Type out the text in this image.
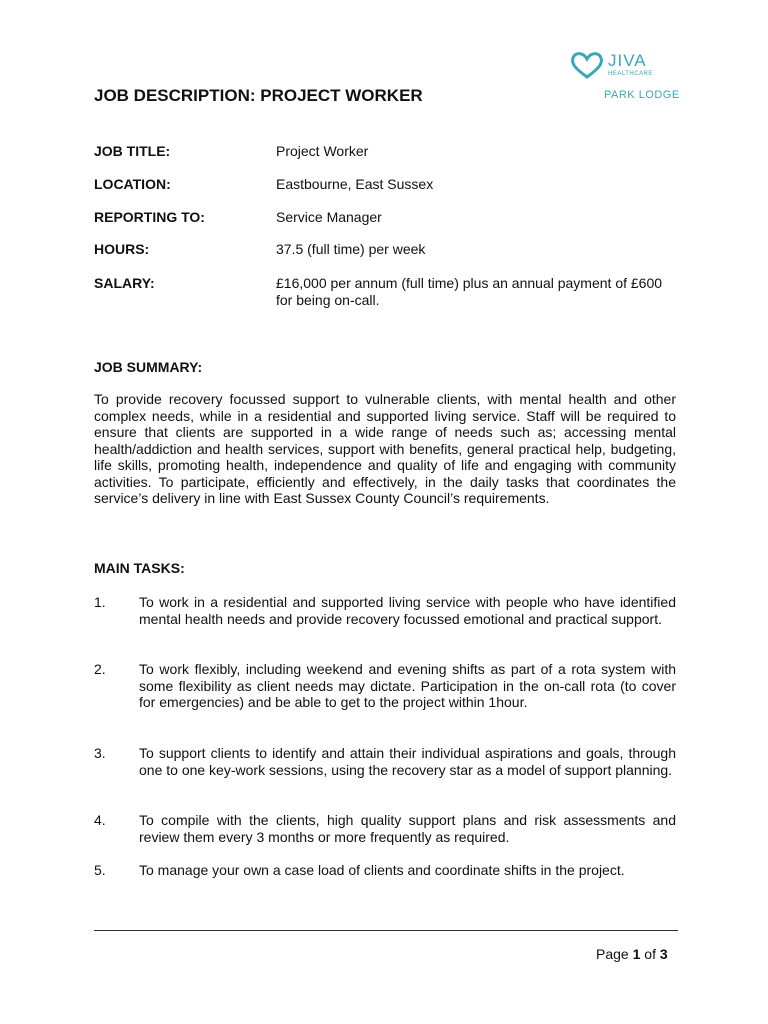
JIVA
HEALTHCARE
PARK LODGE
JOB DESCRIPTION: PROJECT WORKER
JOB TITLE:	Project Worker
LOCATION:	Eastbourne, East Sussex
REPORTING TO:	Service Manager
HOURS:	37.5 (full time) per week
SALARY:	£16,000 per annum (full time) plus an annual payment of £600 for being on-call.
JOB SUMMARY:

To provide recovery focussed support to vulnerable clients, with mental health and other complex needs, while in a residential and supported living service. Staff will be required to ensure that clients are supported in a wide range of needs such as; accessing mental health/addiction and health services, support with benefits, general practical help, budgeting, life skills, promoting health, independence and quality of life and engaging with community activities. To participate, efficiently and effectively, in the daily tasks that coordinates the service’s delivery in line with East Sussex County Council’s requirements.

MAIN TASKS:
1. To work in a residential and supported living service with people who have identified mental health needs and provide recovery focussed emotional and practical support.

2. To work flexibly, including weekend and evening shifts as part of a rota system with some flexibility as client needs may dictate. Participation in the on-call rota (to cover for emergencies) and be able to get to the project within 1hour.

3. To support clients to identify and attain their individual aspirations and goals, through one to one key-work sessions, using the recovery star as a model of support planning.

4. To compile with the clients, high quality support plans and risk assessments and review them every 3 months or more frequently as required.

5. To manage your own a case load of clients and coordinate shifts in the project.

Page 1 of 3
